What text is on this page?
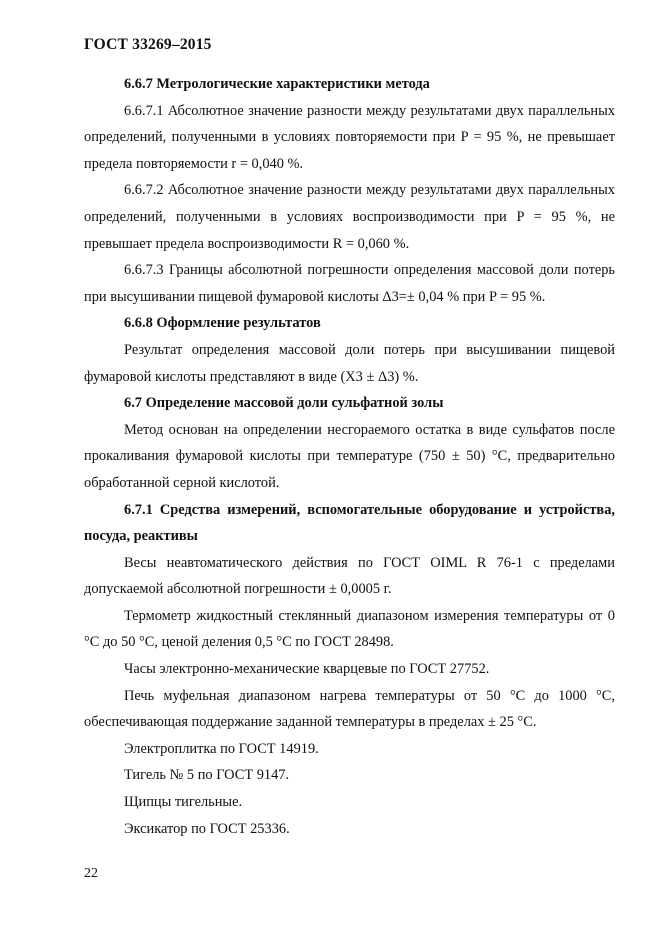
ГОСТ 33269–2015

6.6.7 Метрологические характеристики метода

6.6.7.1 Абсолютное значение разности между результатами двух параллельных определений, полученными в условиях повторяемости при P = 95 %, не превышает предела повторяемости r = 0,040 %.

6.6.7.2 Абсолютное значение разности между результатами двух параллельных определений, полученными в условиях воспроизводимости при P = 95 %, не превышает предела воспроизводимости R = 0,060 %.

6.6.7.3 Границы абсолютной погрешности определения массовой доли потерь при высушивании пищевой фумаровой кислоты Δ3=± 0,04 % при P = 95 %.

6.6.8 Оформление результатов

Результат определения массовой доли потерь при высушивании пищевой фумаровой кислоты представляют в виде (X3 ± Δ3) %.

6.7 Определение массовой доли сульфатной золы

Метод основан на определении несгораемого остатка в виде сульфатов после прокаливания фумаровой кислоты при температуре (750 ± 50) °С, предварительно обработанной серной кислотой.

6.7.1 Средства измерений, вспомогательные оборудование и устройства, посуда, реактивы

Весы неавтоматического действия по ГОСТ OIML R 76-1 с пределами допускаемой абсолютной погрешности ± 0,0005 г.

Термометр жидкостный стеклянный диапазоном измерения температуры от 0 °С до 50 °С, ценой деления 0,5 °С по ГОСТ 28498.

Часы электронно-механические кварцевые по ГОСТ 27752.

Печь муфельная диапазоном нагрева температуры от 50 °С до 1000 °С, обеспечивающая поддержание заданной температуры в пределах ± 25 °С.

Электроплитка по ГОСТ 14919.

Тигель № 5 по ГОСТ 9147.

Щипцы тигельные.

Эксикатор по ГОСТ 25336.

22
